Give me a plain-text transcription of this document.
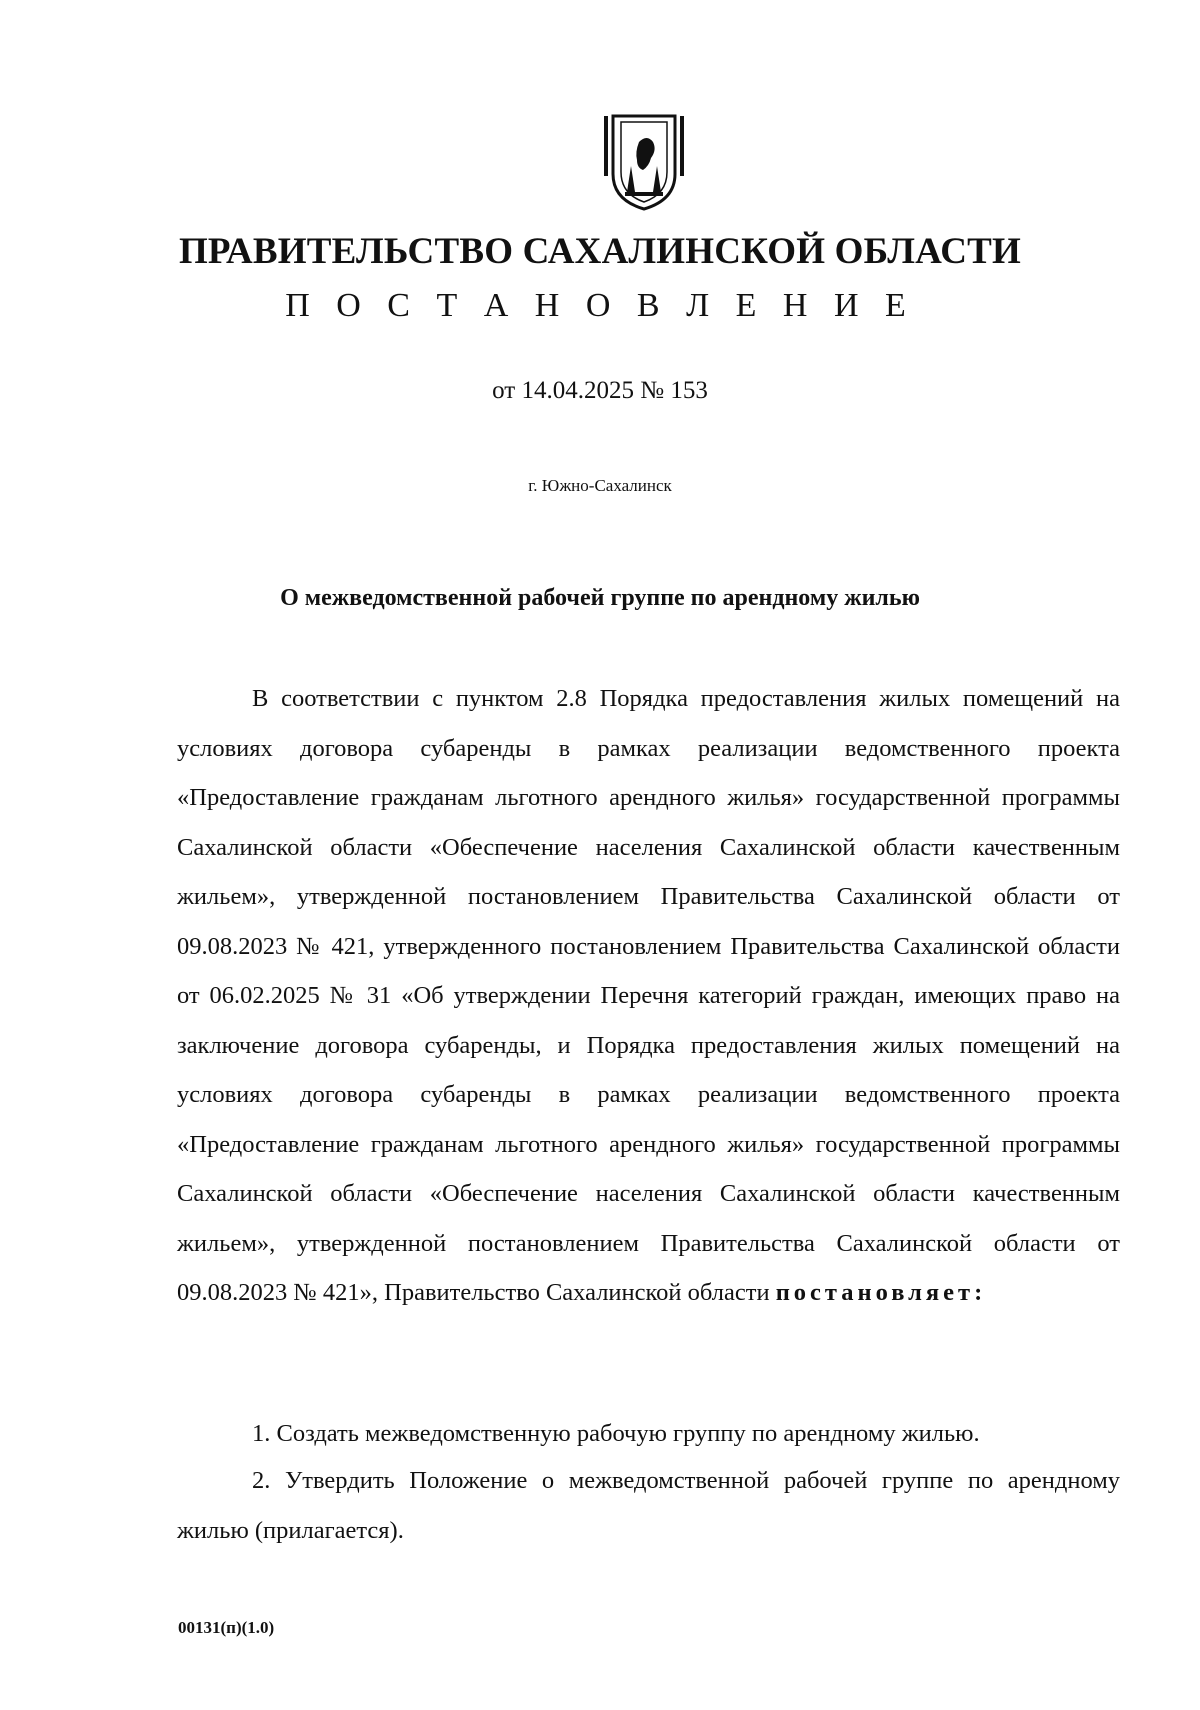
ПРАВИТЕЛЬСТВО САХАЛИНСКОЙ ОБЛАСТИ
П О С Т А Н О В Л Е Н И Е
от 14.04.2025 № 153
г. Южно-Сахалинск
О межведомственной рабочей группе по арендному жилью

В соответствии с пунктом 2.8 Порядка предоставления жилых помещений на условиях договора субаренды в рамках реализации ведомственного проекта «Предоставление гражданам льготного арендного жилья» государственной программы Сахалинской области «Обеспечение населения Сахалинской области качественным жильем», утвержденной постановлением Правительства Сахалинской области от 09.08.2023 № 421, утвержденного постановлением Правительства Сахалинской области от 06.02.2025 № 31 «Об утверждении Перечня категорий граждан, имеющих право на заключение договора субаренды, и Порядка предоставления жилых помещений на условиях договора субаренды в рамках реализации ведомственного проекта «Предоставление гражданам льготного арендного жилья» государственной программы Сахалинской области «Обеспечение населения Сахалинской области качественным жильем», утвержденной постановлением Правительства Сахалинской области от 09.08.2023 № 421», Правительство Сахалинской области постановляет:

1. Создать межведомственную рабочую группу по арендному жилью.

2. Утвердить Положение о межведомственной рабочей группе по арендному жилью (прилагается).

00131(п)(1.0)
